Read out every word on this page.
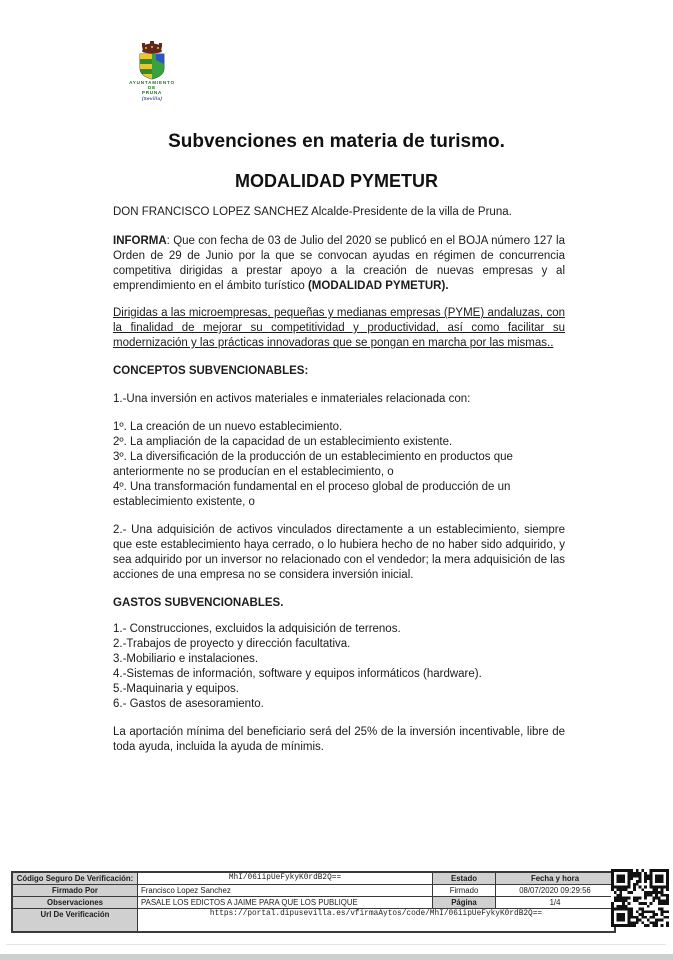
AYUNTAMIENTO
DE
PRUNA
(Sevilla)
Subvenciones en materia de turismo.
MODALIDAD PYMETUR

DON FRANCISCO LOPEZ SANCHEZ Alcalde-Presidente de la villa de Pruna.

INFORMA: Que con fecha de 03 de Julio del 2020 se publicó en el BOJA número 127 la Orden de 29 de Junio por la que se convocan ayudas en régimen de concurrencia competitiva dirigidas a prestar apoyo a la creación de nuevas empresas y al emprendimiento en el ámbito turístico (MODALIDAD PYMETUR).

Dirigidas a las microempresas, pequeñas y medianas empresas (PYME) andaluzas, con la finalidad de mejorar su competitividad y productividad, así como facilitar su modernización y las prácticas innovadoras que se pongan en marcha por las mismas..

CONCEPTOS SUBVENCIONABLES:

1.-Una inversión en activos materiales e inmateriales relacionada con:

1º. La creación de un nuevo establecimiento.

2º. La ampliación de la capacidad de un establecimiento existente.

3º. La diversificación de la producción de un establecimiento en productos que anteriormente no se producían en el establecimiento, o

4º. Una transformación fundamental en el proceso global de producción de un establecimiento existente, o

2.- Una adquisición de activos vinculados directamente a un establecimiento, siempre que este establecimiento haya cerrado, o lo hubiera hecho de no haber sido adquirido, y sea adquirido por un inversor no relacionado con el vendedor; la mera adquisición de las acciones de una empresa no se considera inversión inicial.

GASTOS SUBVENCIONABLES.

1.- Construcciones, excluidos la adquisición de terrenos.

2.-Trabajos de proyecto y dirección facultativa.

3.-Mobiliario e instalaciones.

4.-Sistemas de información, software y equipos informáticos (hardware).

5.-Maquinaria y equipos.

6.- Gastos de asesoramiento.

La aportación mínima del beneficiario será del 25% de la inversión incentivable, libre de toda ayuda, incluida la ayuda de mínimis.

Código Seguro De Verificación:	MhI/06iipUeFykyK0rdB2Q==	Estado	Fecha y hora
Firmado Por	Francisco Lopez Sanchez	Firmado	08/07/2020 09:29:56
Observaciones	PASALE LOS EDICTOS A JAIME PARA QUE LOS PUBLIQUE	Página	1/4
Url De Verificación	https://portal.dipusevilla.es/vfirmaAytos/code/MhI/06iipUeFykyK0rdB2Q==		
